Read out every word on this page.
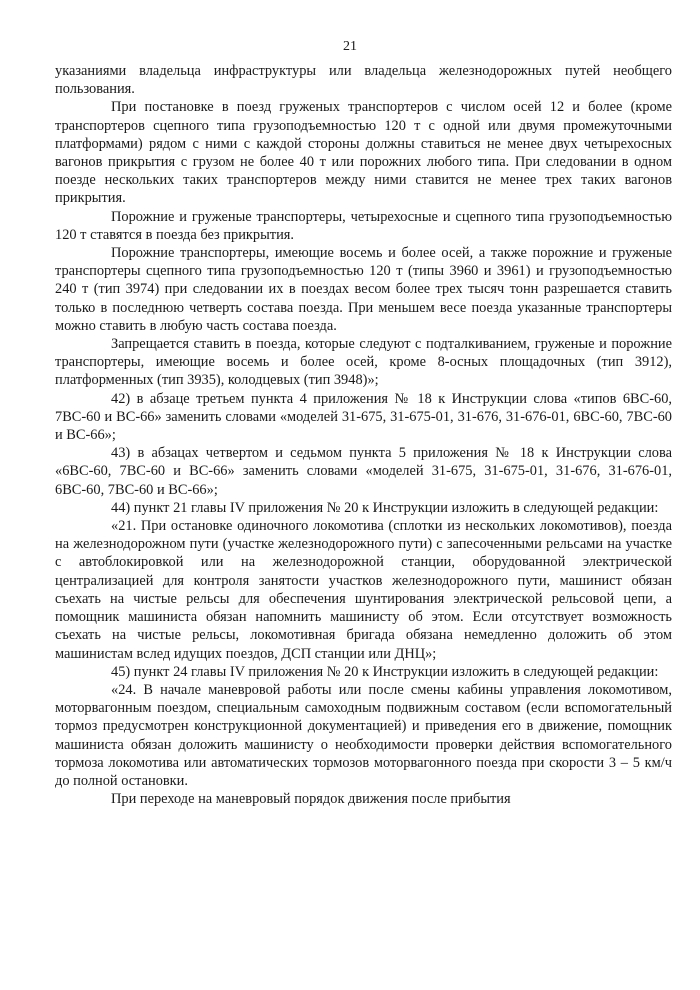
21

указаниями владельца инфраструктуры или владельца железнодорожных путей необщего пользования.

При постановке в поезд груженых транспортеров с числом осей 12 и более (кроме транспортеров сцепного типа грузоподъемностью 120 т с одной или двумя промежуточными платформами) рядом с ними с каждой стороны должны ставиться не менее двух четырехосных вагонов прикрытия с грузом не более 40 т или порожних любого типа. При следовании в одном поезде нескольких таких транспортеров между ними ставится не менее трех таких вагонов прикрытия.

Порожние и груженые транспортеры, четырехосные и сцепного типа грузоподъемностью 120 т ставятся в поезда без прикрытия.

Порожние транспортеры, имеющие восемь и более осей, а также порожние и груженые транспортеры сцепного типа грузоподъемностью 120 т (типы 3960 и 3961) и грузоподъемностью 240 т (тип 3974) при следовании их в поездах весом более трех тысяч тонн разрешается ставить только в последнюю четверть состава поезда. При меньшем весе поезда указанные транспортеры можно ставить в любую часть состава поезда.

Запрещается ставить в поезда, которые следуют с подталкиванием, груженые и порожние транспортеры, имеющие восемь и более осей, кроме 8-осных площадочных (тип 3912), платформенных (тип 3935), колодцевых (тип 3948)»;

42) в абзаце третьем пункта 4 приложения № 18 к Инструкции слова «типов 6ВС-60, 7ВС-60 и ВС-66» заменить словами «моделей 31-675, 31-675-01, 31-676, 31-676-01, 6ВС-60, 7ВС-60 и ВС-66»;

43) в абзацах четвертом и седьмом пункта 5 приложения № 18 к Инструкции слова «6ВС-60, 7ВС-60 и ВС-66» заменить словами «моделей 31-675, 31-675-01, 31-676, 31-676-01, 6ВС-60, 7ВС-60 и ВС-66»;

44) пункт 21 главы IV приложения № 20 к Инструкции изложить в следующей редакции:

«21. При остановке одиночного локомотива (сплотки из нескольких локомотивов), поезда на железнодорожном пути (участке железнодорожного пути) с запесоченными рельсами на участке с автоблокировкой или на железнодорожной станции, оборудованной электрической централизацией для контроля занятости участков железнодорожного пути, машинист обязан съехать на чистые рельсы для обеспечения шунтирования электрической рельсовой цепи, а помощник машиниста обязан напомнить машинисту об этом. Если отсутствует возможность съехать на чистые рельсы, локомотивная бригада обязана немедленно доложить об этом машинистам вслед идущих поездов, ДСП станции или ДНЦ»;

45) пункт 24 главы IV приложения № 20 к Инструкции изложить в следующей редакции:

«24. В начале маневровой работы или после смены кабины управления локомотивом, моторвагонным поездом, специальным самоходным подвижным составом (если вспомогательный тормоз предусмотрен конструкционной документацией) и приведения его в движение, помощник машиниста обязан доложить машинисту о необходимости проверки действия вспомогательного тормоза локомотива или автоматических тормозов моторвагонного поезда при скорости 3 – 5 км/ч до полной остановки.

При переходе на маневровый порядок движения после прибытия
